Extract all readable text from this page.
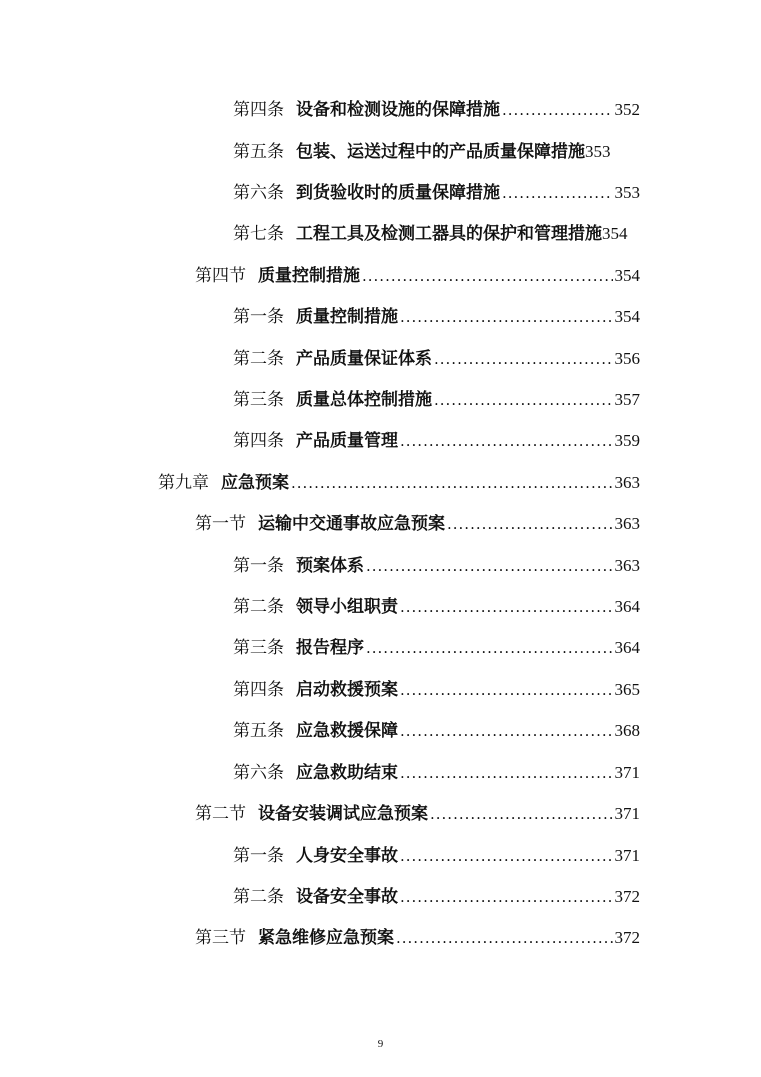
第四条 设备和检测设施的保障措施 .....	352
第五条 包装、运送过程中的产品质量保障措施 353
第六条 到货验收时的质量保障措施 .....	353
第七条 工程工具及检测工器具的保护和管理措施 354
第四节 质量控制措施 .....	354
第一条 质量控制措施 .....	354
第二条 产品质量保证体系 .....	356
第三条 质量总体控制措施 .....	357
第四条 产品质量管理 .....	359
第九章 应急预案 .....	363
第一节 运输中交通事故应急预案 .....	363
第一条 预案体系 .....	363
第二条 领导小组职责 .....	364
第三条 报告程序 .....	364
第四条 启动救援预案 .....	365
第五条 应急救援保障 .....	368
第六条 应急救助结束 .....	371
第二节 设备安装调试应急预案 .....	371
第一条 人身安全事故 .....	371
第二条 设备安全事故 .....	372
第三节 紧急维修应急预案 .....	372
9
